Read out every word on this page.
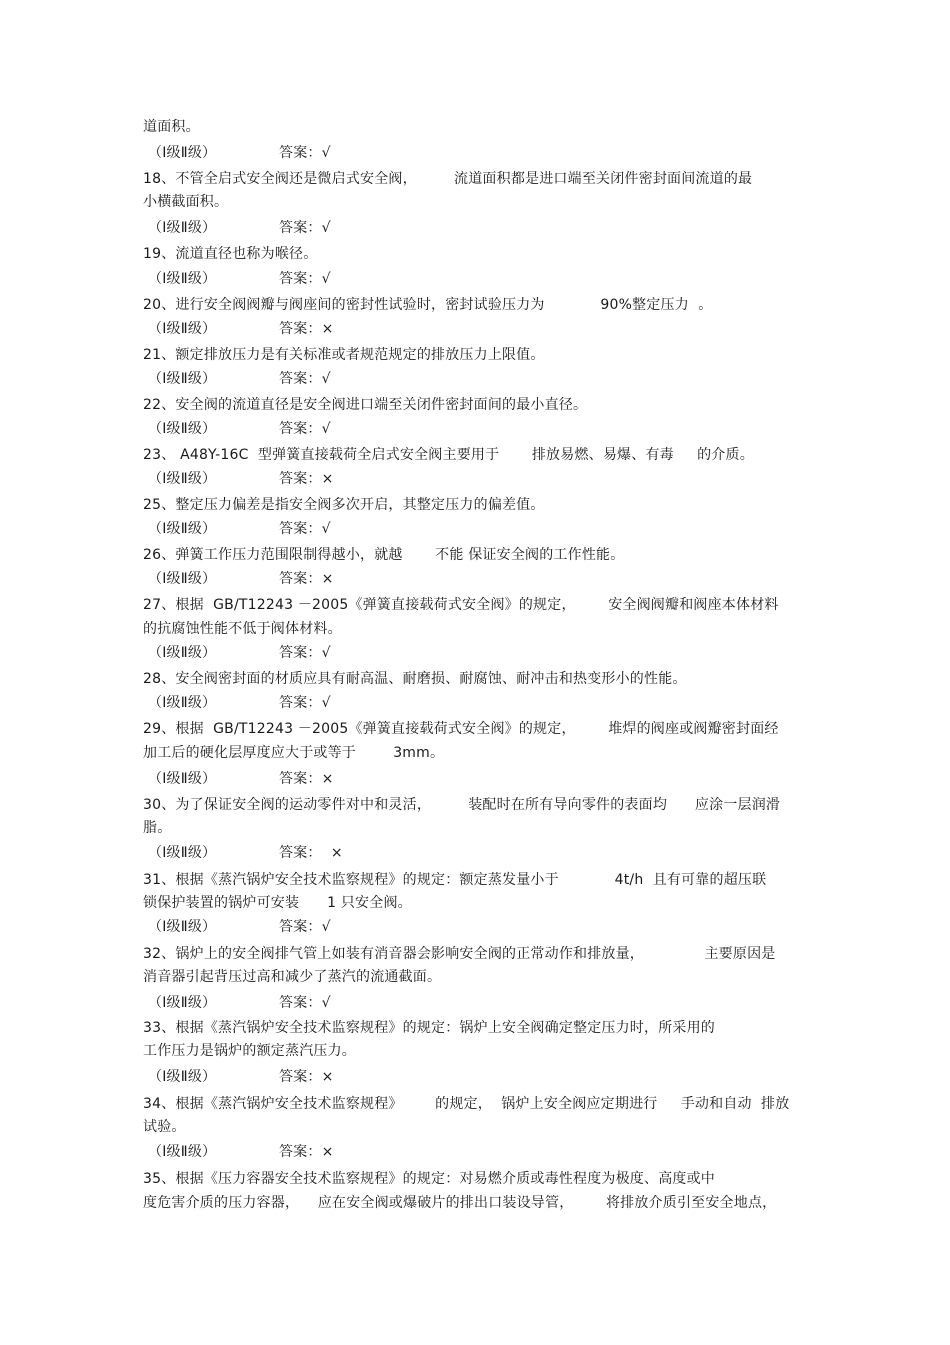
道面积。
（Ⅰ级Ⅱ级）	答案：√
18、不管全启式安全阀还是微启式安全阀，        流道面积都是进口端至关闭件密封面间流道的最
小横截面积。
（Ⅰ级Ⅱ级）	答案：√
19、流道直径也称为喉径。
（Ⅰ级Ⅱ级）	答案：√
20、进行安全阀阀瓣与阀座间的密封性试验时，密封试验压力为            90%整定压力  。
（Ⅰ级Ⅱ级）	答案：×
21、额定排放压力是有关标准或者规范规定的排放压力上限值。
（Ⅰ级Ⅱ级）	答案：√
22、安全阀的流道直径是安全阀进口端至关闭件密封面间的最小直径。
（Ⅰ级Ⅱ级）	答案：√
23、 A48Y-16C  型弹簧直接载荷全启式安全阀主要用于       排放易燃、易爆、有毒     的介质。
（Ⅰ级Ⅱ级）	答案：×
25、整定压力偏差是指安全阀多次开启，其整定压力的偏差值。
（Ⅰ级Ⅱ级）	答案：√
26、弹簧工作压力范围限制得越小，就越       不能 保证安全阀的工作性能。
（Ⅰ级Ⅱ级）	答案：×
27、根据  GB/T12243 －2005《弹簧直接载荷式安全阀》的规定，       安全阀阀瓣和阀座本体材料
的抗腐蚀性能不低于阀体材料。
（Ⅰ级Ⅱ级）	答案：√
28、安全阀密封面的材质应具有耐高温、耐磨损、耐腐蚀、耐冲击和热变形小的性能。
（Ⅰ级Ⅱ级）	答案：√
29、根据  GB/T12243 －2005《弹簧直接载荷式安全阀》的规定，       堆焊的阀座或阀瓣密封面经
加工后的硬化层厚度应大于或等于        3mm。
（Ⅰ级Ⅱ级）	答案：×
30、为了保证安全阀的运动零件对中和灵活，        装配时在所有导向零件的表面均      应涂一层润滑
脂。
（Ⅰ级Ⅱ级）	答案：  ×
31、根据《蒸汽锅炉安全技术监察规程》的规定：额定蒸发量小于            4t/h  且有可靠的超压联
锁保护装置的锅炉可安装      1 只安全阀。
（Ⅰ级Ⅱ级）	答案：√
32、锅炉上的安全阀排气管上如装有消音器会影响安全阀的正常动作和排放量，             主要原因是
消音器引起背压过高和减少了蒸汽的流通截面。
（Ⅰ级Ⅱ级）	答案：√
33、根据《蒸汽锅炉安全技术监察规程》的规定：锅炉上安全阀确定整定压力时，所采用的
工作压力是锅炉的额定蒸汽压力。
（Ⅰ级Ⅱ级）	答案：×
34、根据《蒸汽锅炉安全技术监察规程》       的规定，  锅炉上安全阀应定期进行     手动和自动  排放
试验。
（Ⅰ级Ⅱ级）	答案：×
35、根据《压力容器安全技术监察规程》的规定：对易燃介质或毒性程度为极度、高度或中
度危害介质的压力容器，    应在安全阀或爆破片的排出口装设导管，       将排放介质引至安全地点，
